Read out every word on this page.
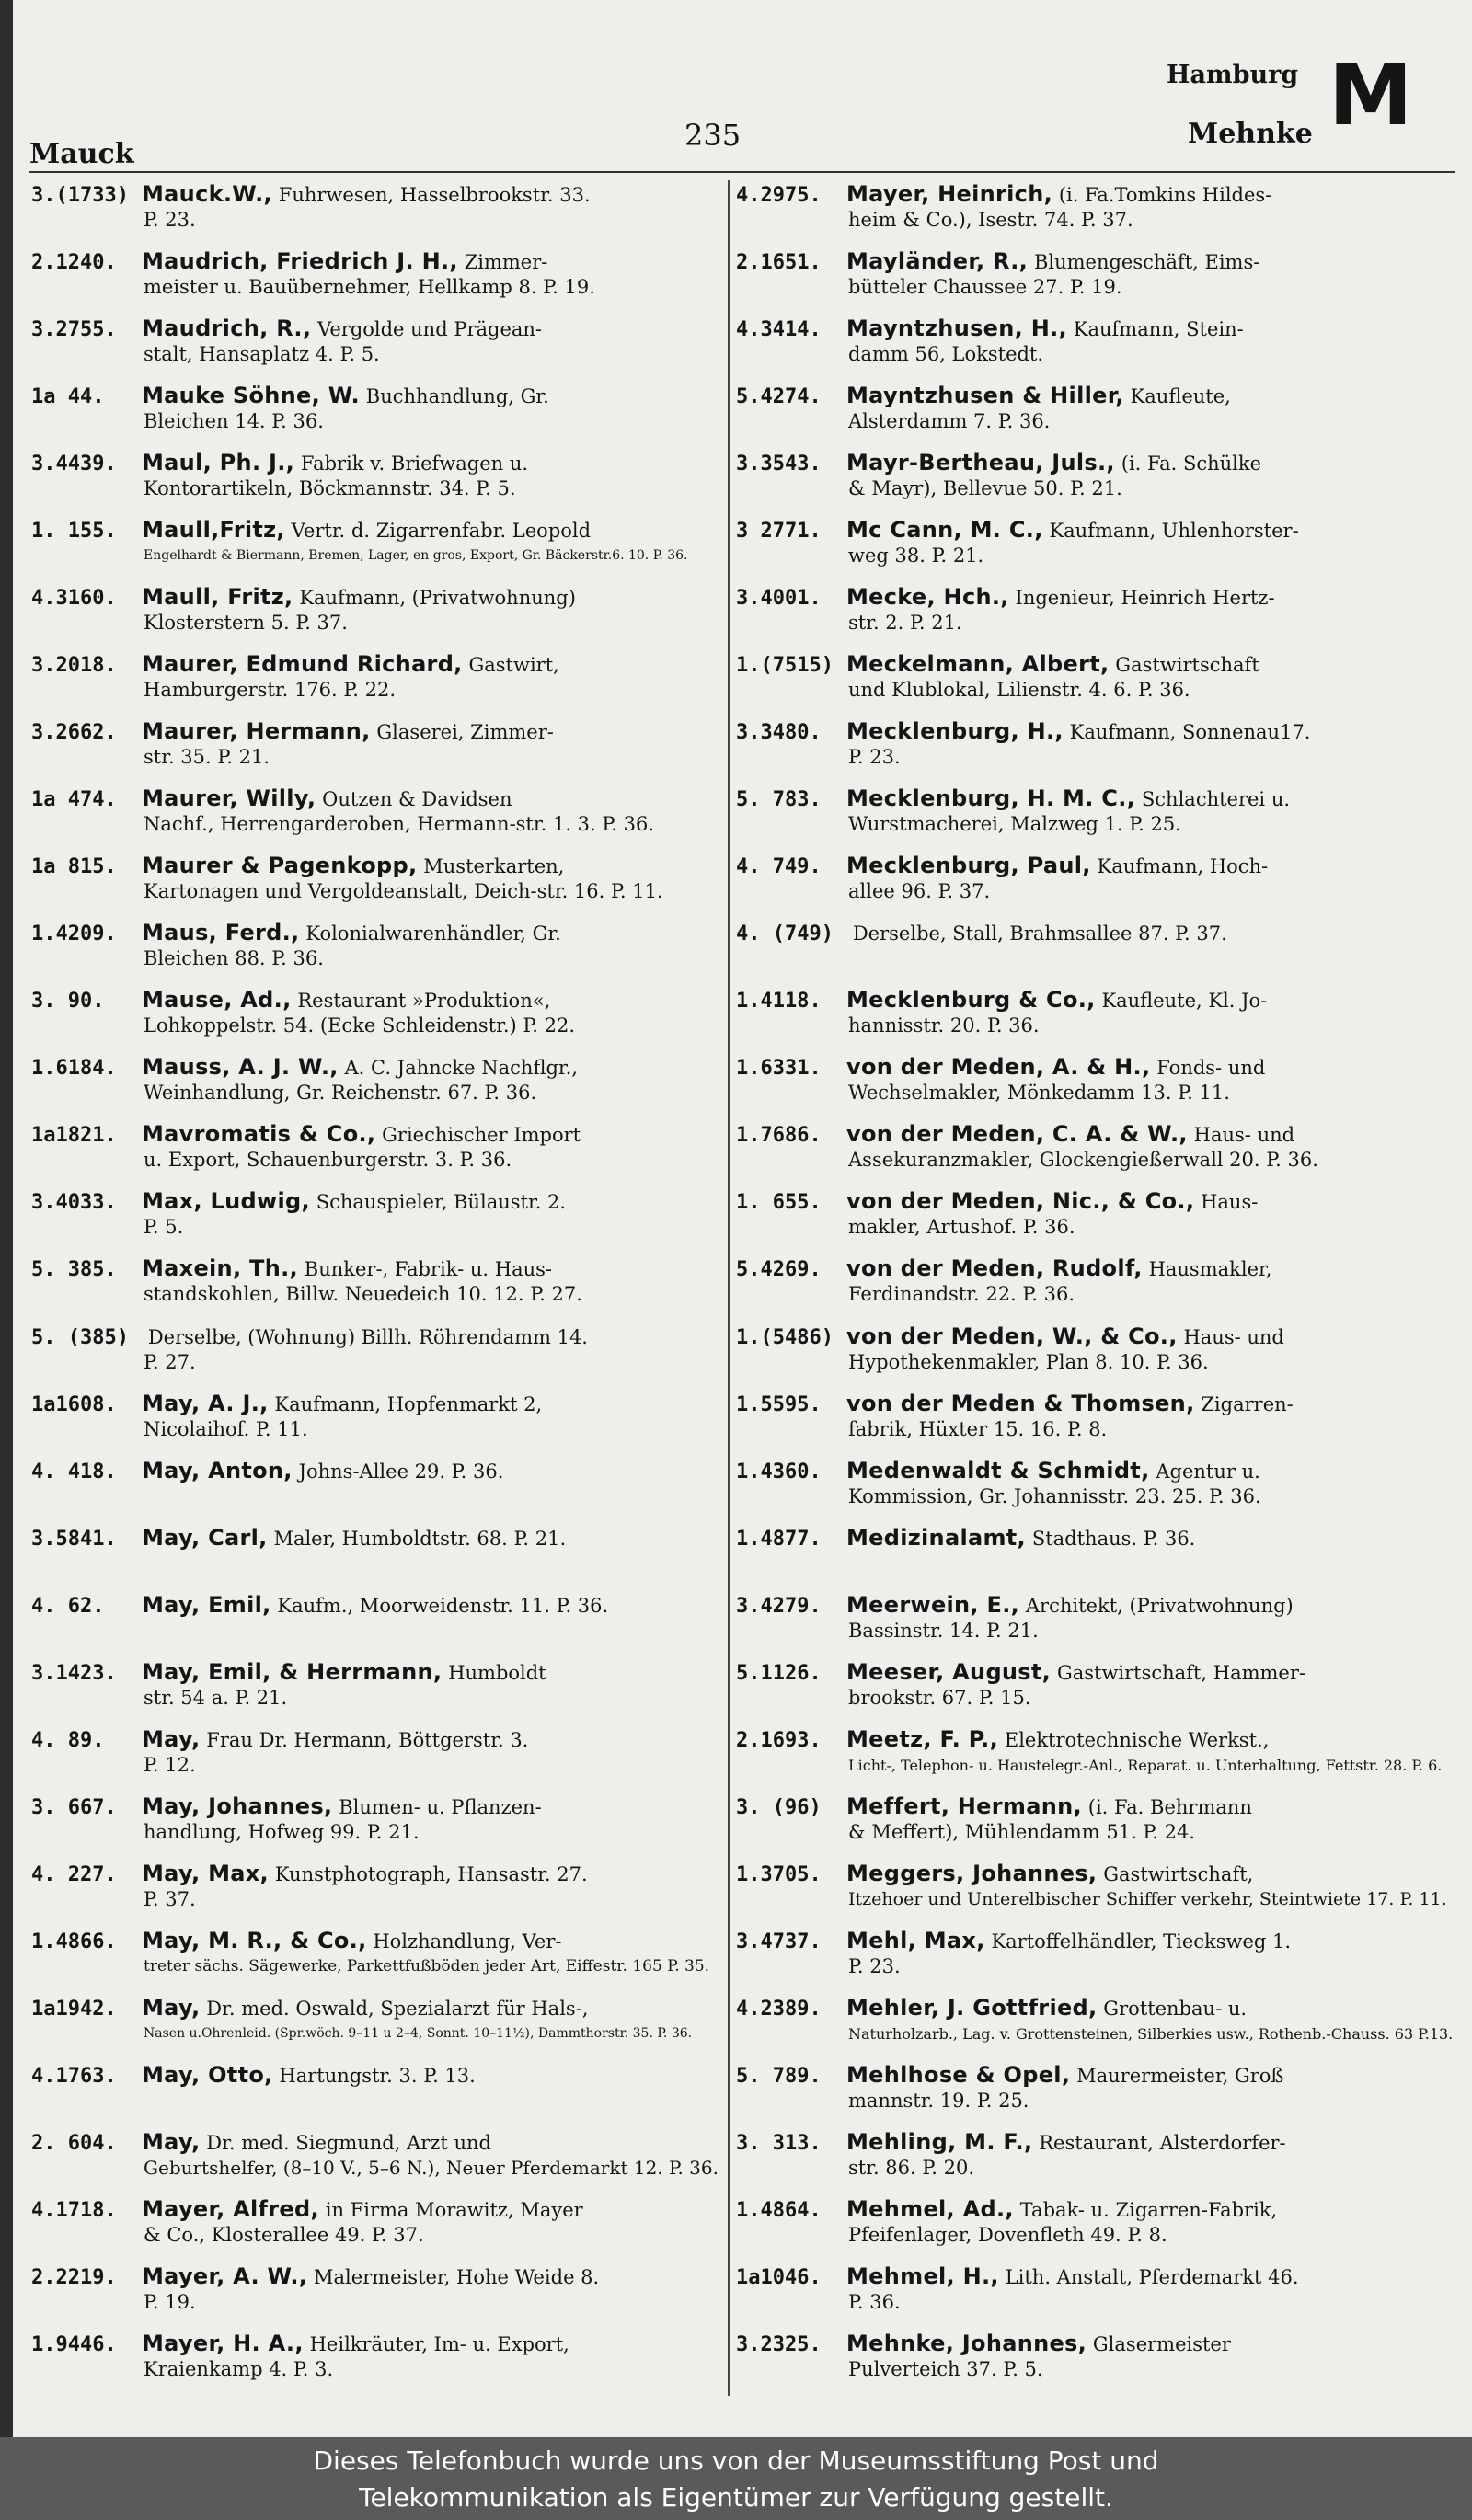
Mauck
235
Hamburg
Mehnke M
3.(1733) Mauck.W., Fuhrwesen, Hasselbrookstr. 33.
P. 23.
2.1240. Maudrich, Friedrich J. H., Zimmer-
meister u. Bauübernehmer, Hellkamp 8. P. 19.
3.2755. Maudrich, R., Vergolde und Prägean-
stalt, Hansaplatz 4. P. 5.
1a 44. Mauke Söhne, W. Buchhandlung, Gr.
Bleichen 14. P. 36.
3.4439. Maul, Ph. J., Fabrik v. Briefwagen u.
Kontorartikeln, Böckmannstr. 34. P. 5.
1. 155. Maull,Fritz, Vertr. d. Zigarrenfabr. Leopold
Engelhardt & Biermann, Bremen, Lager, en gros, Export, Gr. Bäckerstr.6. 10. P. 36.
4.3160. Maull, Fritz, Kaufmann, (Privatwohnung)
Klosterstern 5. P. 37.
3.2018. Maurer, Edmund Richard, Gastwirt,
Hamburgerstr. 176. P. 22.
3.2662. Maurer, Hermann, Glaserei, Zimmer-
str. 35. P. 21.
1a 474. Maurer, Willy, Outzen & Davidsen
Nachf., Herrengarderoben, Hermann-str. 1. 3. P. 36.
1a 815. Maurer & Pagenkopp, Musterkarten,
Kartonagen und Vergoldeanstalt, Deich-str. 16. P. 11.
1.4209. Maus, Ferd., Kolonialwarenhändler, Gr.
Bleichen 88. P. 36.
3. 90. Mause, Ad., Restaurant »Produktion«,
Lohkoppelstr. 54. (Ecke Schleidenstr.) P. 22.
1.6184. Mauss, A. J. W., A. C. Jahncke Nachflgr.,
Weinhandlung, Gr. Reichenstr. 67. P. 36.
1a1821. Mavromatis & Co., Griechischer Import
u. Export, Schauenburgerstr. 3. P. 36.
3.4033. Max, Ludwig, Schauspieler, Bülaustr. 2.
P. 5.
5. 385. Maxein, Th., Bunker-, Fabrik- u. Haus-
standskohlen, Billw. Neuedeich 10. 12. P. 27.
5. (385) Derselbe, (Wohnung) Billh. Röhrendamm 14.
P. 27.
1a1608. May, A. J., Kaufmann, Hopfenmarkt 2,
Nicolaihof. P. 11.
4. 418. May, Anton, Johns-Allee 29. P. 36.
3.5841. May, Carl, Maler, Humboldtstr. 68. P. 21.
4. 62. May, Emil, Kaufm., Moorweidenstr. 11. P. 36.
3.1423. May, Emil, & Herrmann, Humboldt
str. 54 a. P. 21.
4. 89. May, Frau Dr. Hermann, Böttgerstr. 3.
P. 12.
3. 667. May, Johannes, Blumen- u. Pflanzen-
handlung, Hofweg 99. P. 21.
4. 227. May, Max, Kunstphotograph, Hansastr. 27.
P. 37.
1.4866. May, M. R., & Co., Holzhandlung, Ver-
treter sächs. Sägewerke, Parkettfußböden jeder Art, Eiffestr. 165 P. 35.
1a1942. May, Dr. med. Oswald, Spezialarzt für Hals-,
Nasen u.Ohrenleid. (Spr.wöch. 9–11 u 2–4, Sonnt. 10–11½), Dammthorstr. 35. P. 36.
4.1763. May, Otto, Hartungstr. 3. P. 13.
2. 604. May, Dr. med. Siegmund, Arzt und
Geburtshelfer, (8–10 V., 5–6 N.), Neuer Pferdemarkt 12. P. 36.
4.1718. Mayer, Alfred, in Firma Morawitz, Mayer
& Co., Klosterallee 49. P. 37.
2.2219. Mayer, A. W., Malermeister, Hohe Weide 8.
P. 19.
1.9446. Mayer, H. A., Heilkräuter, Im- u. Export,
Kraienkamp 4. P. 3.
4.2975. Mayer, Heinrich, (i. Fa.Tomkins Hildes-
heim & Co.), Isestr. 74. P. 37.
2.1651. Mayländer, R., Blumengeschäft, Eims-
bütteler Chaussee 27. P. 19.
4.3414. Mayntzhusen, H., Kaufmann, Stein-
damm 56, Lokstedt.
5.4274. Mayntzhusen & Hiller, Kaufleute,
Alsterdamm 7. P. 36.
3.3543. Mayr-Bertheau, Juls., (i. Fa. Schülke
& Mayr), Bellevue 50. P. 21.
3 2771. Mc Cann, M. C., Kaufmann, Uhlenhorster-
weg 38. P. 21.
3.4001. Mecke, Hch., Ingenieur, Heinrich Hertz-
str. 2. P. 21.
1.(7515) Meckelmann, Albert, Gastwirtschaft
und Klublokal, Lilienstr. 4. 6. P. 36.
3.3480. Mecklenburg, H., Kaufmann, Sonnenau17.
P. 23.
5. 783. Mecklenburg, H. M. C., Schlachterei u.
Wurstmacherei, Malzweg 1. P. 25.
4. 749. Mecklenburg, Paul, Kaufmann, Hoch-
allee 96. P. 37.
4. (749) Derselbe, Stall, Brahmsallee 87. P. 37.
1.4118. Mecklenburg & Co., Kaufleute, Kl. Jo-
hannisstr. 20. P. 36.
1.6331. von der Meden, A. & H., Fonds- und
Wechselmakler, Mönkedamm 13. P. 11.
1.7686. von der Meden, C. A. & W., Haus- und
Assekuranzmakler, Glockengießerwall 20. P. 36.
1. 655. von der Meden, Nic., & Co., Haus-
makler, Artushof. P. 36.
5.4269. von der Meden, Rudolf, Hausmakler,
Ferdinandstr. 22. P. 36.
1.(5486) von der Meden, W., & Co., Haus- und
Hypothekenmakler, Plan 8. 10. P. 36.
1.5595. von der Meden & Thomsen, Zigarren-
fabrik, Hüxter 15. 16. P. 8.
1.4360. Medenwaldt & Schmidt, Agentur u.
Kommission, Gr. Johannisstr. 23. 25. P. 36.
1.4877. Medizinalamt, Stadthaus. P. 36.
3.4279. Meerwein, E., Architekt, (Privatwohnung)
Bassinstr. 14. P. 21.
5.1126. Meeser, August, Gastwirtschaft, Hammer-
brookstr. 67. P. 15.
2.1693. Meetz, F. P., Elektrotechnische Werkst.,
Licht-, Telephon- u. Haustelegr.-Anl., Reparat. u. Unterhaltung, Fettstr. 28. P. 6.
3. (96) Meffert, Hermann, (i. Fa. Behrmann
& Meffert), Mühlendamm 51. P. 24.
1.3705. Meggers, Johannes, Gastwirtschaft,
Itzehoer und Unterelbischer Schiffer verkehr, Steintwiete 17. P. 11.
3.4737. Mehl, Max, Kartoffelhändler, Tiecksweg 1.
P. 23.
4.2389. Mehler, J. Gottfried, Grottenbau- u.
Naturholzarb., Lag. v. Grottensteinen, Silberkies usw., Rothenb.-Chauss. 63 P.13.
5. 789. Mehlhose & Opel, Maurermeister, Groß
mannstr. 19. P. 25.
3. 313. Mehling, M. F., Restaurant, Alsterdorfer-
str. 86. P. 20.
1.4864. Mehmel, Ad., Tabak- u. Zigarren-Fabrik,
Pfeifenlager, Dovenfleth 49. P. 8.
1a1046. Mehmel, H., Lith. Anstalt, Pferdemarkt 46.
P. 36.
3.2325. Mehnke, Johannes, Glasermeister
Pulverteich 37. P. 5.
Dieses Telefonbuch wurde uns von der Museumsstiftung Post und
Telekommunikation als Eigentümer zur Verfügung gestellt.
